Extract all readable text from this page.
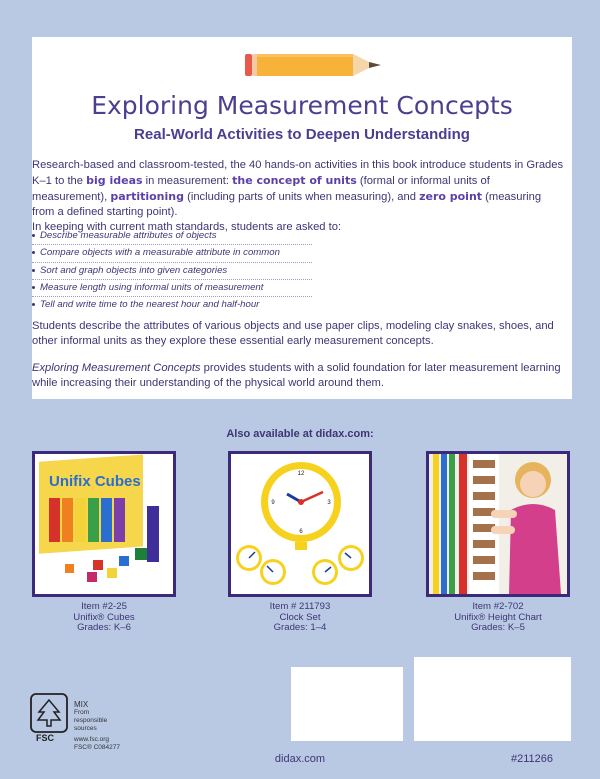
Exploring Measurement Concepts
Real-World Activities to Deepen Understanding
Research-based and classroom-tested, the 40 hands-on activities in this book introduce students in Grades K–1 to the big ideas in measurement: the concept of units (formal or informal units of measurement), partitioning (including parts of units when measuring), and zero point (measuring from a defined starting point).
In keeping with current math standards, students are asked to:
Describe measurable attributes of objects
Compare objects with a measurable attribute in common
Sort and graph objects into given categories
Measure length using informal units of measurement
Tell and write time to the nearest hour and half-hour
Students describe the attributes of various objects and use paper clips, modeling clay snakes, shoes, and other informal units as they explore these essential early measurement concepts.
Exploring Measurement Concepts provides students with a solid foundation for later measurement learning while increasing their understanding of the physical world around them.
Also available at didax.com:
Unifix Cubes
Item #2-25
Unifix® Cubes
Grades: K–6
12
3
6
9
Item # 211793
Clock Set
Grades: 1–4
Item #2-702
Unifix® Height Chart
Grades: K–5
FSC
MIX
From responsible
sources
www.fsc.org
FSC® C084277
didax.com	#211266
